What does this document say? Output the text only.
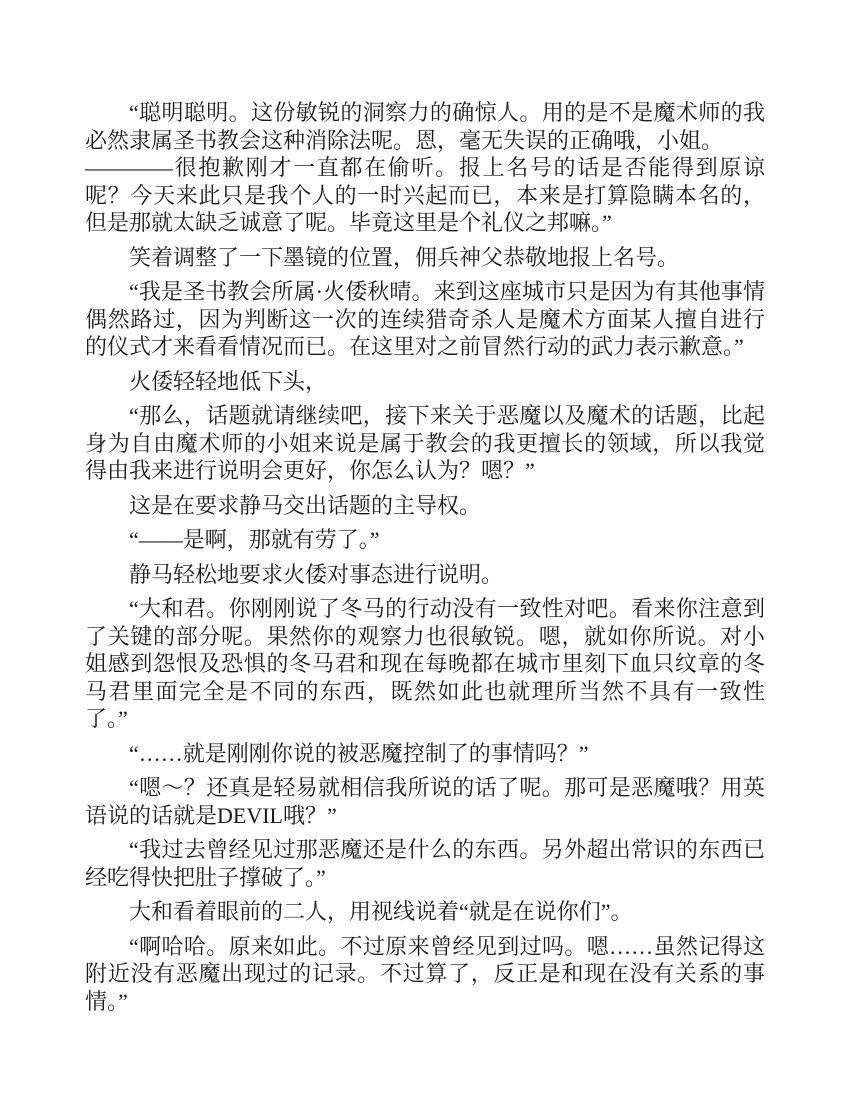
“聪明聪明。这份敏锐的洞察力的确惊人。用的是不是魔术师的我必然隶属圣书教会这种消除法呢。恩，毫无失误的正确哦，小姐。

————很抱歉刚才一直都在偷听。报上名号的话是否能得到原谅呢？今天来此只是我个人的一时兴起而已，本来是打算隐瞒本名的，但是那就太缺乏诚意了呢。毕竟这里是个礼仪之邦嘛。”

笑着调整了一下墨镜的位置，佣兵神父恭敬地报上名号。

“我是圣书教会所属·火倭秋晴。来到这座城市只是因为有其他事情偶然路过，因为判断这一次的连续猎奇杀人是魔术方面某人擅自进行的仪式才来看看情况而已。在这里对之前冒然行动的武力表示歉意。”

火倭轻轻地低下头，

“那么，话题就请继续吧，接下来关于恶魔以及魔术的话题，比起身为自由魔术师的小姐来说是属于教会的我更擅长的领域，所以我觉得由我来进行说明会更好，你怎么认为？嗯？”

这是在要求静马交出话题的主导权。

“——是啊，那就有劳了。”

静马轻松地要求火倭对事态进行说明。

“大和君。你刚刚说了冬马的行动没有一致性对吧。看来你注意到了关键的部分呢。果然你的观察力也很敏锐。嗯，就如你所说。对小姐感到怨恨及恐惧的冬马君和现在每晚都在城市里刻下血只纹章的冬马君里面完全是不同的东西，既然如此也就理所当然不具有一致性了。”

“……就是刚刚你说的被恶魔控制了的事情吗？”

“嗯～？还真是轻易就相信我所说的话了呢。那可是恶魔哦？用英语说的话就是DEVIL哦？”

“我过去曾经见过那恶魔还是什么的东西。另外超出常识的东西已经吃得快把肚子撑破了。”

大和看着眼前的二人，用视线说着“就是在说你们”。

“啊哈哈。原来如此。不过原来曾经见到过吗。嗯……虽然记得这附近没有恶魔出现过的记录。不过算了，反正是和现在没有关系的事情。”
